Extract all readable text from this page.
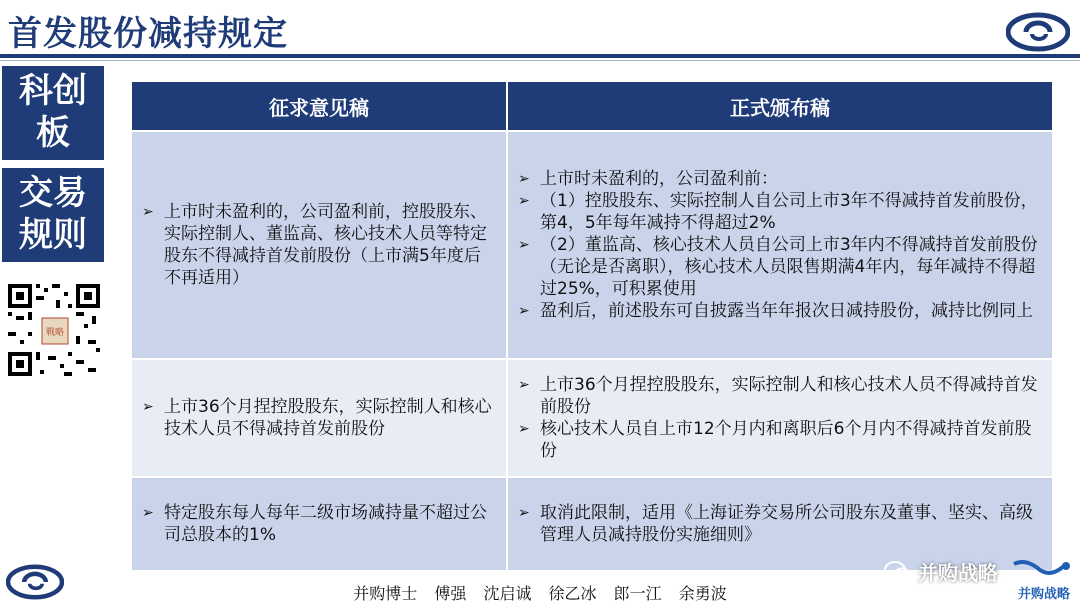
首发股份减持规定
科创
板
交易
规则
戰略
征求意见稿	正式颁布稿
➢ 上市时未盈利的，公司盈利前，控股股东、实际控制人、董监高、核心技术人员等特定股东不得减持首发前股份（上市满5年度后不再适用）
➢ 上市时未盈利的，公司盈利前：
➢ （1）控股股东、实际控制人自公司上市3年不得减持首发前股份，第4，5年每年减持不得超过2%
➢ （2）董监高、核心技术人员自公司上市3年内不得减持首发前股份（无论是否离职），核心技术人员限售期满4年内，每年减持不得超过25%，可积累使用
➢ 盈利后，前述股东可自披露当年年报次日减持股份，减持比例同上
➢ 上市36个月捏控股股东，实际控制人和核心技术人员不得减持首发前股份
➢ 上市36个月捏控股股东，实际控制人和核心技术人员不得减持首发前股份
➢ 核心技术人员自上市12个月内和离职后6个月内不得减持首发前股份
➢ 特定股东每人每年二级市场减持量不超过公司总股本的1%
➢ 取消此限制，适用《上海证券交易所公司股东及董事、坚实、高级管理人员减持股份实施细则》
并购博士 傅强 沈启诚 徐乙冰 郎一江 余勇波
并购战略
并购战略
